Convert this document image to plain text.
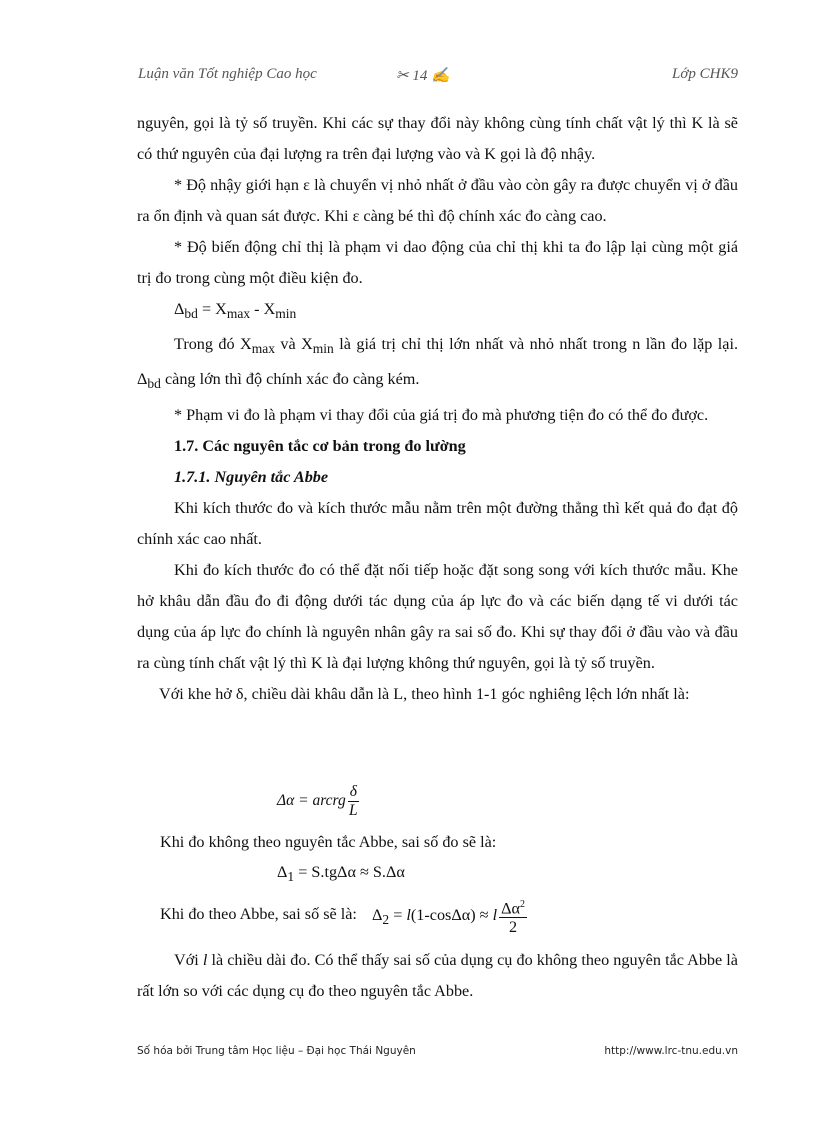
Luận văn Tốt nghiệp Cao học	✂ 14 ✍	Lớp CHK9

nguyên, gọi là tỷ số truyền. Khi các sự thay đổi này không cùng tính chất vật lý thì K là sẽ có thứ nguyên của đại lượng ra trên đại lượng vào và K gọi là độ nhậy.

* Độ nhậy giới hạn ε là chuyển vị nhỏ nhất ở đầu vào còn gây ra được chuyển vị ở đầu ra ổn định và quan sát được. Khi ε càng bé thì độ chính xác đo càng cao.

* Độ biến động chỉ thị là phạm vi dao động của chỉ thị khi ta đo lập lại cùng một giá trị đo trong cùng một điều kiện đo.

$\Delta_{bd} = X_{max} - X_{min}$

Trong đó $X_{max}$ và $X_{min}$ là giá trị chỉ thị lớn nhất và nhỏ nhất trong n lần đo lặp lại. $\Delta_{bd}$ càng lớn thì độ chính xác đo càng kém.

* Phạm vi đo là phạm vi thay đổi của giá trị đo mà phương tiện đo có thể đo được.

1.7. Các nguyên tắc cơ bản trong đo lường

1.7.1. Nguyên tắc Abbe

Khi kích thước đo và kích thước mẫu nằm trên một đường thẳng thì kết quả đo đạt độ chính xác cao nhất.

Khi đo kích thước đo có thể đặt nối tiếp hoặc đặt song song với kích thước mẫu. Khe hở khâu dẫn đầu đo đi động dưới tác dụng của áp lực đo và các biến dạng tế vi dưới tác dụng của áp lực đo chính là nguyên nhân gây ra sai số đo. Khi sự thay đổi ở đầu vào và đầu ra cùng tính chất vật lý thì K là đại lượng không thứ nguyên, gọi là tỷ số truyền.

Với khe hở δ, chiều dài khâu dẫn là L, theo hình 1-1 góc nghiêng lệch lớn nhất là:

Δα = arcrg $\frac{\delta}{L}$
Khi đo không theo nguyên tắc Abbe, sai số đo sẽ là:
$\Delta_1 = S.tg\Delta\alpha \approx S.\Delta\alpha$
Khi đo theo Abbe, sai số sẽ là: $\Delta_2 = l(1-\cos\Delta\alpha) \approx l \frac{\Delta\alpha^2}{2}$

Với l là chiều dài đo. Có thể thấy sai số của dụng cụ đo không theo nguyên tắc Abbe là rất lớn so với các dụng cụ đo theo nguyên tắc Abbe.

Số hóa bởi Trung tâm Học liệu – Đại học Thái Nguyên	http://www.lrc-tnu.edu.vn
